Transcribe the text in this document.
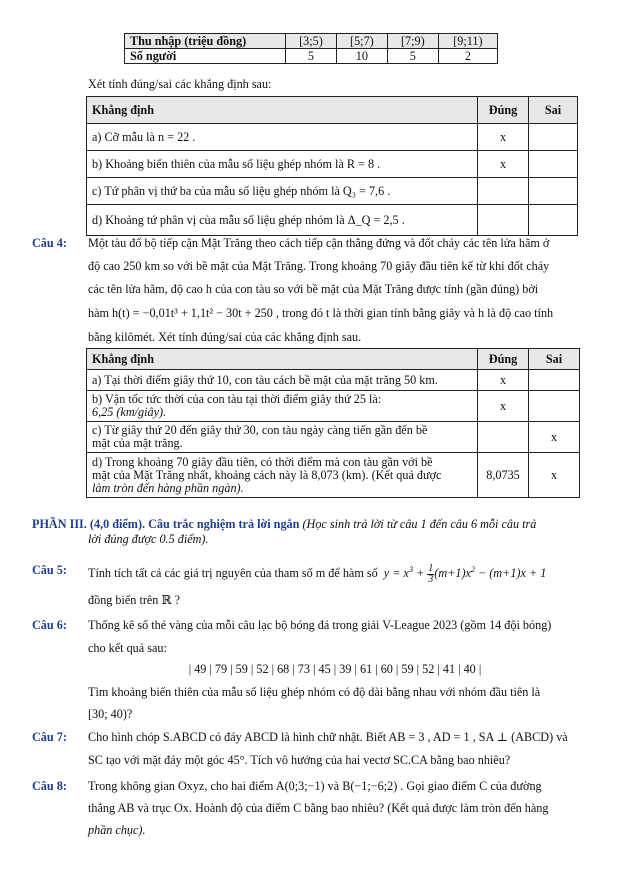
Thu nhập (triệu đồng)	[3;5)	[5;7)	[7;9)	[9;11)
Số người	5	10	5	2
Xét tính đúng/sai các khẳng định sau:
Khẳng định	Đúng	Sai
a) Cỡ mẫu là n = 22 .	x	
b) Khoảng biến thiên của mẫu số liệu ghép nhóm là R = 8 .	x	
c) Tứ phân vị thứ ba của mẫu số liệu ghép nhóm là Q₃ = 7,6 .		
d) Khoảng tứ phân vị của mẫu số liệu ghép nhóm là Δ_Q = 2,5 .		
Câu 4: Một tàu đổ bộ tiếp cận Mặt Trăng theo cách tiếp cận thẳng đứng và đốt cháy các tên lửa hãm ở
độ cao 250 km so với bề mặt của Mặt Trăng. Trong khoảng 70 giây đầu tiên kể từ khi đốt cháy
các tên lửa hãm, độ cao h của con tàu so với bề mặt của Mặt Trăng được tính (gần đúng) bởi
hàm h(t) = −0,01t³ + 1,1t² − 30t + 250 , trong đó t là thời gian tính bằng giây và h là độ cao tính
bằng kilômét. Xét tính đúng/sai của các khẳng định sau.
Khẳng định	Đúng	Sai
a) Tại thời điểm giây thứ 10, con tàu cách bề mặt của mặt trăng 50 km.	x	
b) Vận tốc tức thời của con tàu tại thời điểm giây thứ 25 là:
6,25 (km/giây).	x	
c) Từ giây thứ 20 đến giây thứ 30, con tàu ngày càng tiến gần đến bề
mặt của mặt trăng.		x
d) Trong khoảng 70 giây đầu tiên, có thời điểm mà con tàu gần với bề
mặt của Mặt Trăng nhất, khoảng cách này là 8,073 (km). (Kết quả được
làm tròn đến hàng phần ngàn).	8,0735	x
PHẦN III. (4,0 điểm). Câu trắc nghiệm trả lời ngắn (Học sinh trả lời từ câu 1 đến câu 6 mỗi câu trả
lời đúng được 0.5 điểm).
Câu 5: Tính tích tất cả các giá trị nguyên của tham số m để hàm số  $y = x^3 + \frac{1}{3} (m+1)x^2 - (m+1)x + 1$
đồng biến trên ℝ ?
Câu 6: Thống kê số thẻ vàng của mỗi câu lạc bộ bóng đá trong giải V-League 2023 (gồm 14 đội bóng)
cho kết quả sau:
| 49 | 79 | 59 | 52 | 68 | 73 | 45 | 39 | 61 | 60 | 59 | 52 | 41 | 40 |
Tìm khoảng biến thiên của mẫu số liệu ghép nhóm có độ dài bằng nhau với nhóm đầu tiên là
[30; 40)?
Câu 7: Cho hình chóp S.ABCD có đáy ABCD là hình chữ nhật. Biết AB = 3 , AD = 1 , SA ⊥ (ABCD) và
SC tạo với mặt đáy một góc 45°. Tích vô hướng của hai vectơ SC.CA bằng bao nhiêu?
Câu 8: Trong không gian Oxyz, cho hai điểm A(0;3;−1) và B(−1;−6;2) . Gọi giao điểm C của đường
thẳng AB và trục Ox. Hoành độ của điểm C bằng bao nhiêu? (Kết quả được làm tròn đến hàng
phần chục).
